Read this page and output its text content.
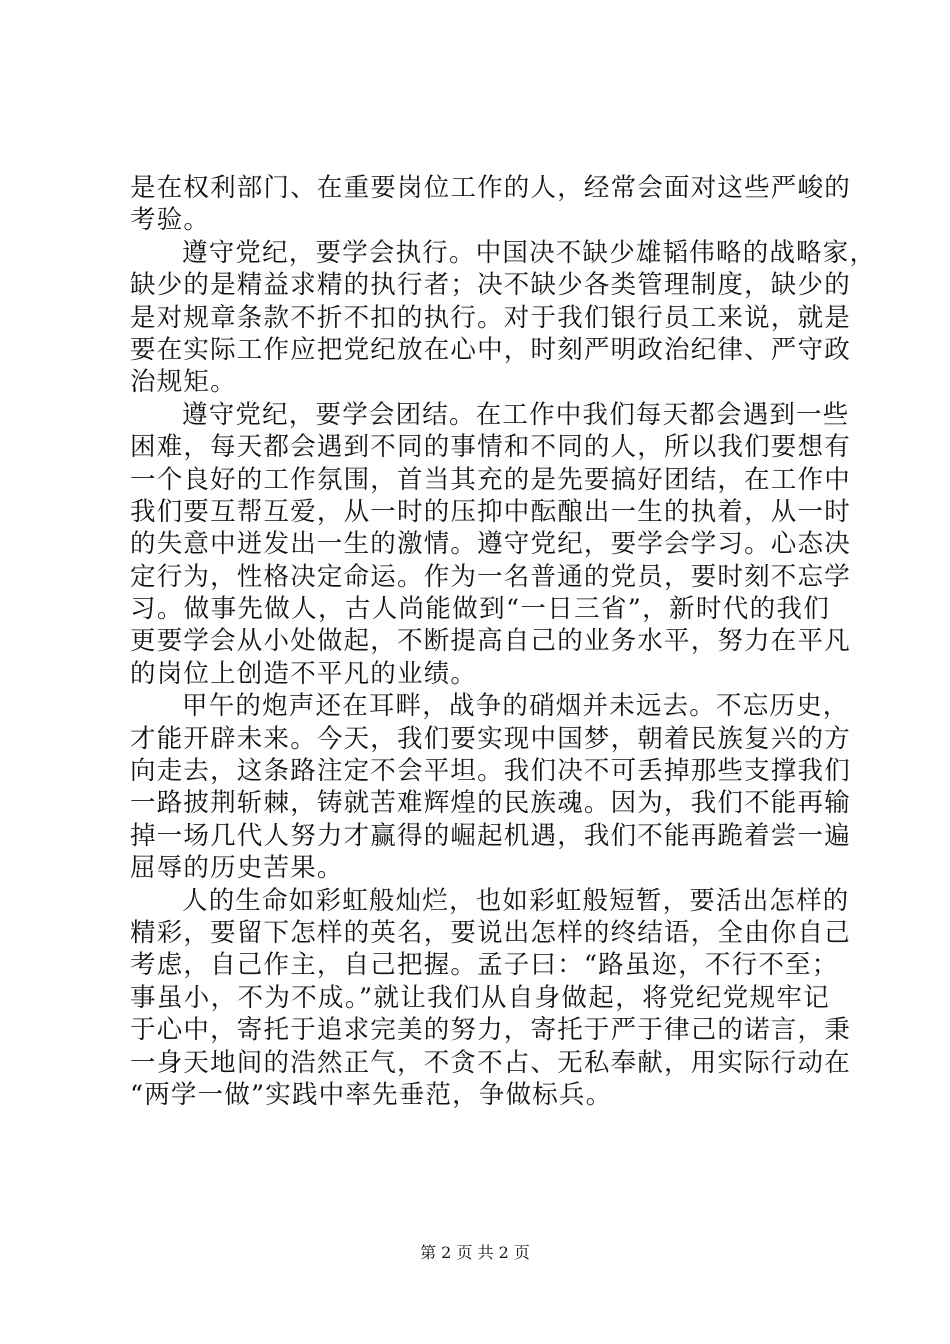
是在权利部门、在重要岗位工作的人，经常会面对这些严峻的
考验。
遵守党纪，要学会执行。中国决不缺少雄韬伟略的战略家，
缺少的是精益求精的执行者；决不缺少各类管理制度，缺少的
是对规章条款不折不扣的执行。对于我们银行员工来说，就是
要在实际工作应把党纪放在心中，时刻严明政治纪律、严守政
治规矩。
遵守党纪，要学会团结。在工作中我们每天都会遇到一些
困难，每天都会遇到不同的事情和不同的人，所以我们要想有
一个良好的工作氛围，首当其充的是先要搞好团结，在工作中
我们要互帮互爱，从一时的压抑中酝酿出一生的执着，从一时
的失意中迸发出一生的激情。遵守党纪，要学会学习。心态决
定行为，性格决定命运。作为一名普通的党员，要时刻不忘学
习。做事先做人，古人尚能做到“一日三省”，新时代的我们
更要学会从小处做起，不断提高自己的业务水平，努力在平凡
的岗位上创造不平凡的业绩。
甲午的炮声还在耳畔，战争的硝烟并未远去。不忘历史，
才能开辟未来。今天，我们要实现中国梦，朝着民族复兴的方
向走去，这条路注定不会平坦。我们决不可丢掉那些支撑我们
一路披荆斩棘，铸就苦难辉煌的民族魂。因为，我们不能再输
掉一场几代人努力才赢得的崛起机遇，我们不能再跪着尝一遍
屈辱的历史苦果。
人的生命如彩虹般灿烂，也如彩虹般短暂，要活出怎样的
精彩，要留下怎样的英名，要说出怎样的终结语，全由你自己
考虑，自己作主，自己把握。孟子曰：“路虽迩，不行不至；
事虽小，不为不成。”就让我们从自身做起，将党纪党规牢记
于心中，寄托于追求完美的努力，寄托于严于律己的诺言，秉
一身天地间的浩然正气，不贪不占、无私奉献，用实际行动在
“两学一做”实践中率先垂范，争做标兵。
第 2 页 共 2 页
